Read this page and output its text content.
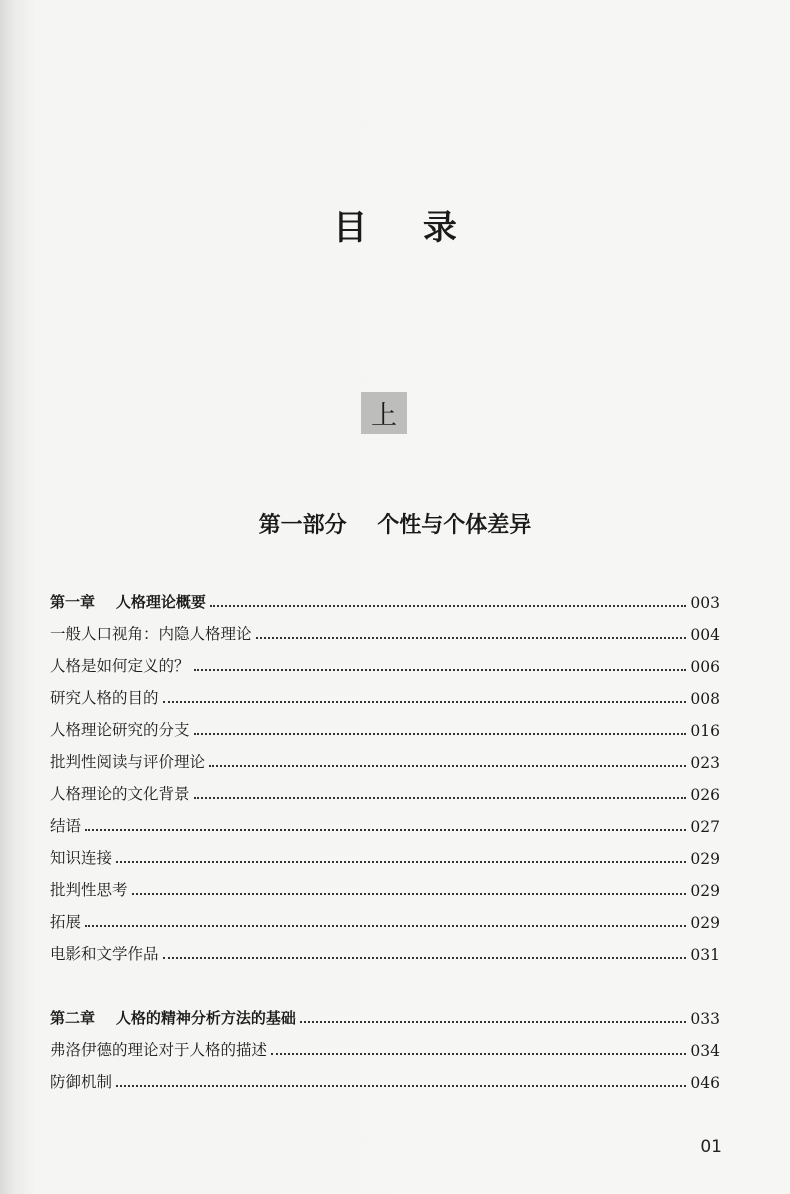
目 录
上
第一部分    个性与个体差异
第一章    人格理论概要	003
一般人口视角：内隐人格理论	004
人格是如何定义的？	006
研究人格的目的	008
人格理论研究的分支	016
批判性阅读与评价理论	023
人格理论的文化背景	026
结语	027
知识连接	029
批判性思考	029
拓展	029
电影和文学作品	031
第二章    人格的精神分析方法的基础	033
弗洛伊德的理论对于人格的描述	034
防御机制	046
01
